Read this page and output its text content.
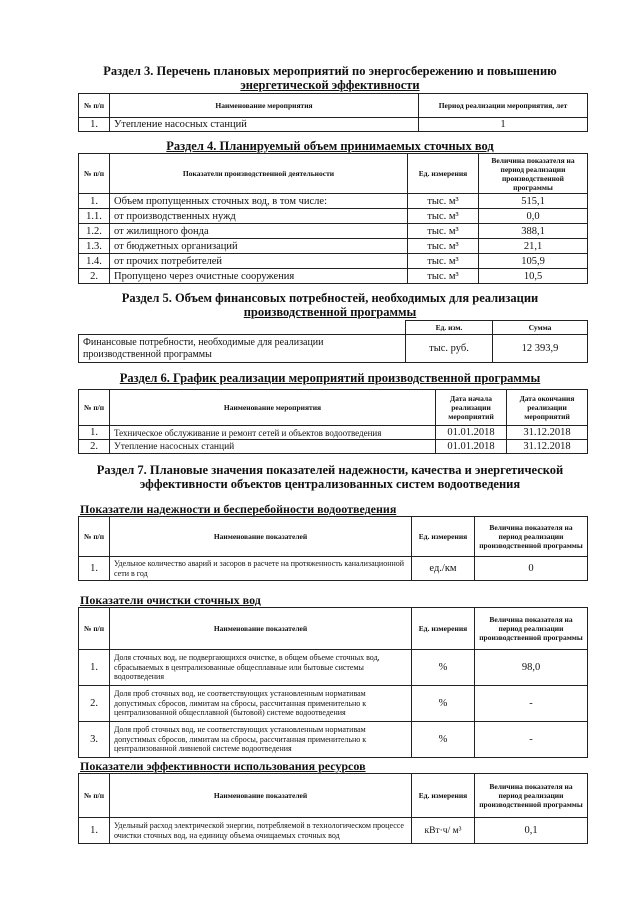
Раздел 3. Перечень плановых мероприятий по энергосбережению и повышению
энергетической эффективности
№ п/п	Наименование мероприятия	Период реализации мероприятия, лет
1.	Утепление насосных станций	1
Раздел 4. Планируемый объем принимаемых сточных вод
№ п/п	Показатели производственной деятельности	Ед. измерения	Величина показателя на период реализации производственной программы
1.	Объем пропущенных сточных вод, в том числе:	тыс. м³	515,1
1.1.	от производственных нужд	тыс. м³	0,0
1.2.	от жилищного фонда	тыс. м³	388,1
1.3.	от бюджетных организаций	тыс. м³	21,1
1.4.	от прочих потребителей	тыс. м³	105,9
2.	Пропущено через очистные сооружения	тыс. м³	10,5
Раздел 5. Объем финансовых потребностей, необходимых для реализации
производственной программы
	Ед. изм.	Сумма
Финансовые потребности, необходимые для реализации производственной программы	тыс. руб.	12 393,9
Раздел 6. График реализации мероприятий производственной программы
№ п/п	Наименование мероприятия	Дата начала реализации мероприятий	Дата окончания реализации мероприятий
1.	Техническое обслуживание и ремонт сетей и объектов водоотведения	01.01.2018	31.12.2018
2.	Утепление насосных станций	01.01.2018	31.12.2018
Раздел 7. Плановые значения показателей надежности, качества и энергетической
эффективности объектов централизованных систем водоотведения
Показатели надежности и бесперебойности водоотведения
№ п/п	Наименование показателей	Ед. измерения	Величина показателя на период реализации производственной программы
1.	Удельное количество аварий и засоров в расчете на протяженность канализационной сети в год	ед./км	0
Показатели очистки сточных вод
№ п/п	Наименование показателей	Ед. измерения	Величина показателя на период реализации производственной программы
1.	Доля сточных вод, не подвергающихся очистке, в общем объеме сточных вод, сбрасываемых в централизованные общесплавные или бытовые системы водоотведения	%	98,0
2.	Доля проб сточных вод, не соответствующих установленным нормативам допустимых сбросов, лимитам на сбросы, рассчитанная применительно к централизованной общесплавной (бытовой) системе водоотведения	%	-
3.	Доля проб сточных вод, не соответствующих установленным нормативам допустимых сбросов, лимитам на сбросы, рассчитанная применительно к централизованной ливневой системе водоотведения	%	-
Показатели эффективности использования ресурсов
№ п/п	Наименование показателей	Ед. измерения	Величина показателя на период реализации производственной программы
1.	Удельный расход электрической энергии, потребляемой в технологическом процессе очистки сточных вод, на единицу объема очищаемых сточных вод	кВт·ч/ м³	0,1
